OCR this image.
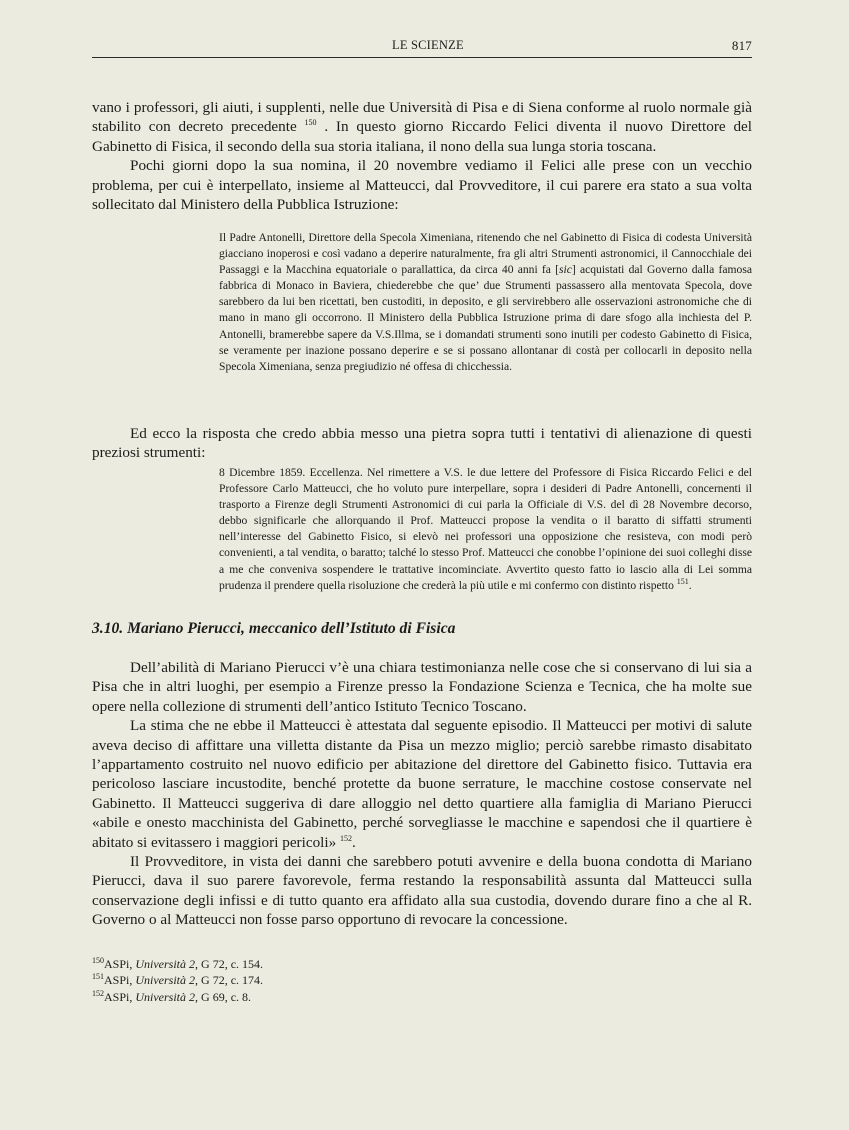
LE SCIENZE	817

vano i professori, gli aiuti, i supplenti, nelle due Università di Pisa e di Siena conforme al ruolo normale già stabilito con decreto precedente $^{150}$ . In questo giorno Riccardo Felici diventa il nuovo Direttore del Gabinetto di Fisica, il secondo della sua storia italiana, il nono della sua lunga storia toscana.

Pochi giorni dopo la sua nomina, il 20 novembre vediamo il Felici alle prese con un vecchio problema, per cui è interpellato, insieme al Matteucci, dal Provveditore, il cui parere era stato a sua volta sollecitato dal Ministero della Pubblica Istruzione:

Il Padre Antonelli, Direttore della Specola Ximeniana, ritenendo che nel Gabinetto di Fisica di codesta Università giacciano inoperosi e così vadano a deperire naturalmente, fra gli altri Strumenti astronomici, il Cannocchiale dei Passaggi e la Macchina equatoriale o parallattica, da circa 40 anni fa [sic] acquistati dal Governo dalla famosa fabbrica di Monaco in Baviera, chiederebbe che que’ due Strumenti passassero alla mentovata Specola, dove sarebbero da lui ben ricettati, ben custoditi, in deposito, e gli servirebbero alle osservazioni astronomiche che di mano in mano gli occorrono. Il Ministero della Pubblica Istruzione prima di dare sfogo alla inchiesta del P. Antonelli, bramerebbe sapere da V.S.Illma, se i domandati strumenti sono inutili per codesto Gabinetto di Fisica, se veramente per inazione possano deperire e se si possano allontanar di costà per collocarli in deposito nella Specola Ximeniana, senza pregiudizio né offesa di chicchessia.

Ed ecco la risposta che credo abbia messo una pietra sopra tutti i tentativi di alienazione di questi preziosi strumenti:

8 Dicembre 1859. Eccellenza. Nel rimettere a V.S. le due lettere del Professore di Fisica Riccardo Felici e del Professore Carlo Matteucci, che ho voluto pure interpellare, sopra i desideri di Padre Antonelli, concernenti il trasporto a Firenze degli Strumenti Astronomici di cui parla la Officiale di V.S. del dì 28 Novembre decorso, debbo significarle che allorquando il Prof. Matteucci propose la vendita o il baratto di siffatti strumenti nell’interesse del Gabinetto Fisico, si elevò nei professori una opposizione che resisteva, con modi però convenienti, a tal vendita, o baratto; talché lo stesso Prof. Matteucci che conobbe l’opinione dei suoi colleghi disse a me che conveniva sospendere le trattative incominciate. Avvertito questo fatto io lascio alla di Lei somma prudenza il prendere quella risoluzione che crederà la più utile e mi confermo con distinto rispetto $^{151}$.

3.10. Mariano Pierucci, meccanico dell’Istituto di Fisica

Dell’abilità di Mariano Pierucci v’è una chiara testimonianza nelle cose che si conservano di lui sia a Pisa che in altri luoghi, per esempio a Firenze presso la Fondazione Scienza e Tecnica, che ha molte sue opere nella collezione di strumenti dell’antico Istituto Tecnico Toscano.

La stima che ne ebbe il Matteucci è attestata dal seguente episodio. Il Matteucci per motivi di salute aveva deciso di affittare una villetta distante da Pisa un mezzo miglio; perciò sarebbe rimasto disabitato l’appartamento costruito nel nuovo edificio per abitazione del direttore del Gabinetto fisico. Tuttavia era pericoloso lasciare incustodite, benché protette da buone serrature, le macchine costose conservate nel Gabinetto. Il Matteucci suggeriva di dare alloggio nel detto quartiere alla famiglia di Mariano Pierucci «abile e onesto macchinista del Gabinetto, perché sorvegliasse le macchine e sapendosi che il quartiere è abitato si evitassero i maggiori pericoli» $^{152}$.

Il Provveditore, in vista dei danni che sarebbero potuti avvenire e della buona condotta di Mariano Pierucci, dava il suo parere favorevole, ferma restando la responsabilità assunta dal Matteucci sulla conservazione degli infissi e di tutto quanto era affidato alla sua custodia, dovendo durare fino a che al R. Governo o al Matteucci non fosse parso opportuno di revocare la concessione.

$^{150}$ASPi, Università 2, G 72, c. 154.

$^{151}$ASPi, Università 2, G 72, c. 174.

$^{152}$ASPi, Università 2, G 69, c. 8.
